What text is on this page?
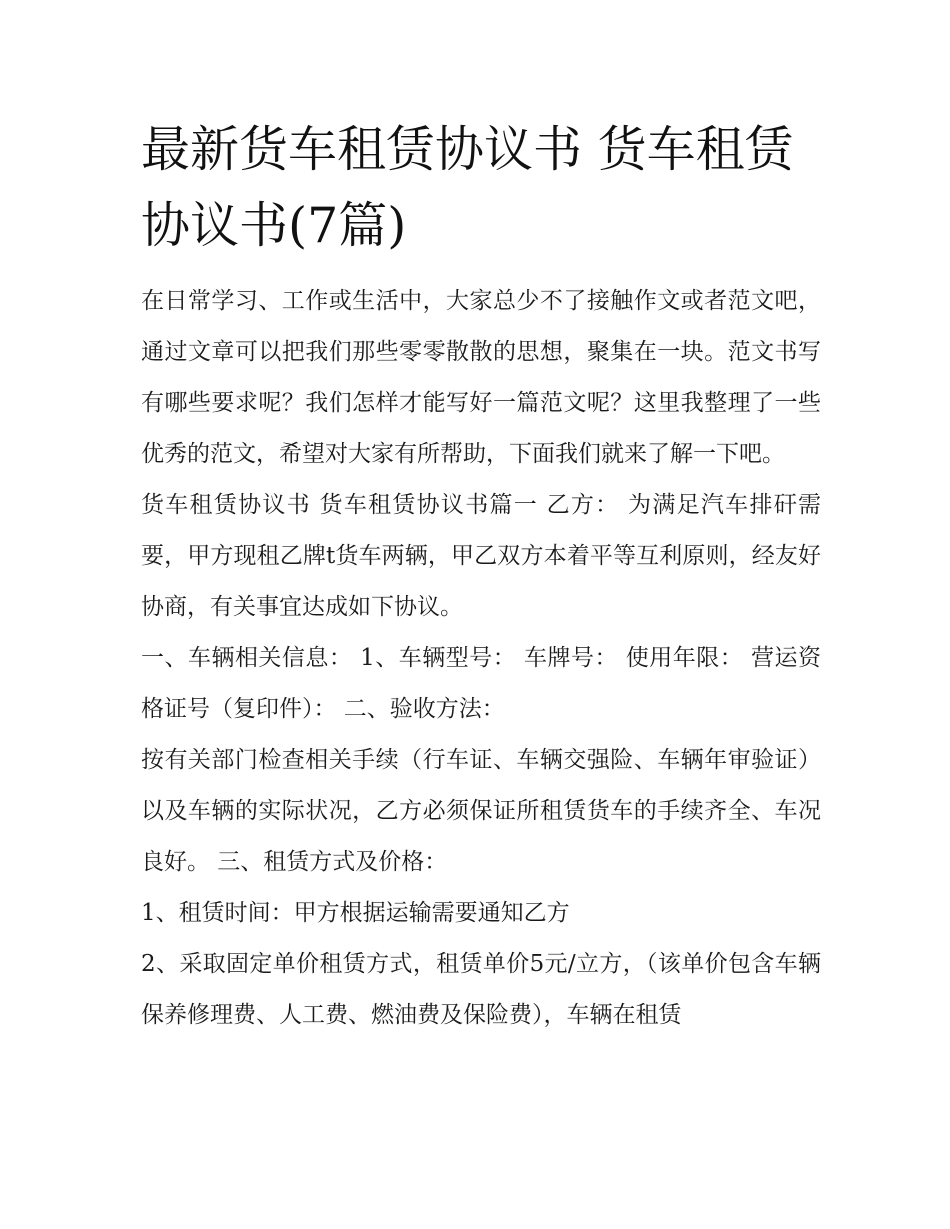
最新货车租赁协议书 货车租赁协议书(7篇)

在日常学习、工作或生活中，大家总少不了接触作文或者范文吧，通过文章可以把我们那些零零散散的思想，聚集在一块。范文书写有哪些要求呢？我们怎样才能写好一篇范文呢？这里我整理了一些优秀的范文，希望对大家有所帮助，下面我们就来了解一下吧。

货车租赁协议书 货车租赁协议书篇一 乙方： 为满足汽车排矸需要，甲方现租乙牌t货车两辆，甲乙双方本着平等互利原则，经友好协商，有关事宜达成如下协议。

一、车辆相关信息： 1、车辆型号： 车牌号： 使用年限： 营运资格证号（复印件）： 二、验收方法：

按有关部门检查相关手续（行车证、车辆交强险、车辆年审验证）以及车辆的实际状况，乙方必须保证所租赁货车的手续齐全、车况良好。 三、租赁方式及价格：

1、租赁时间：甲方根据运输需要通知乙方

2、采取固定单价租赁方式，租赁单价5元/立方，（该单价包含车辆保养修理费、人工费、燃油费及保险费），车辆在租赁
